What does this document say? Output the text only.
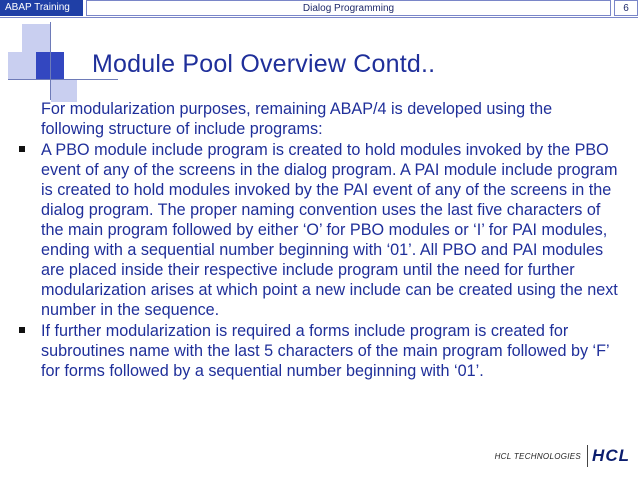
ABAP Training	Dialog Programming	6
Module Pool Overview Contd..

For modularization purposes, remaining ABAP/4 is developed using the following structure of include programs:

A PBO module include program is created to hold modules invoked by the PBO event of any of the screens in the dialog program. A PAI module include program is created to hold modules invoked by the PAI event of any of the screens in the dialog program. The proper naming convention uses the last five characters of the main program followed by either ‘O’ for PBO modules or ‘I’ for PAI modules, ending with a sequential number beginning with ‘01’. All PBO and PAI modules are placed inside their respective include program until the need for further modularization arises at which point a new include can be created using the next number in the sequence.

If further modularization is required a forms include program is created for subroutines name with the last 5 characters of the main program followed by ‘F’ for forms followed by a sequential number beginning with ‘01’.

HCL TECHNOLOGIES HCL
